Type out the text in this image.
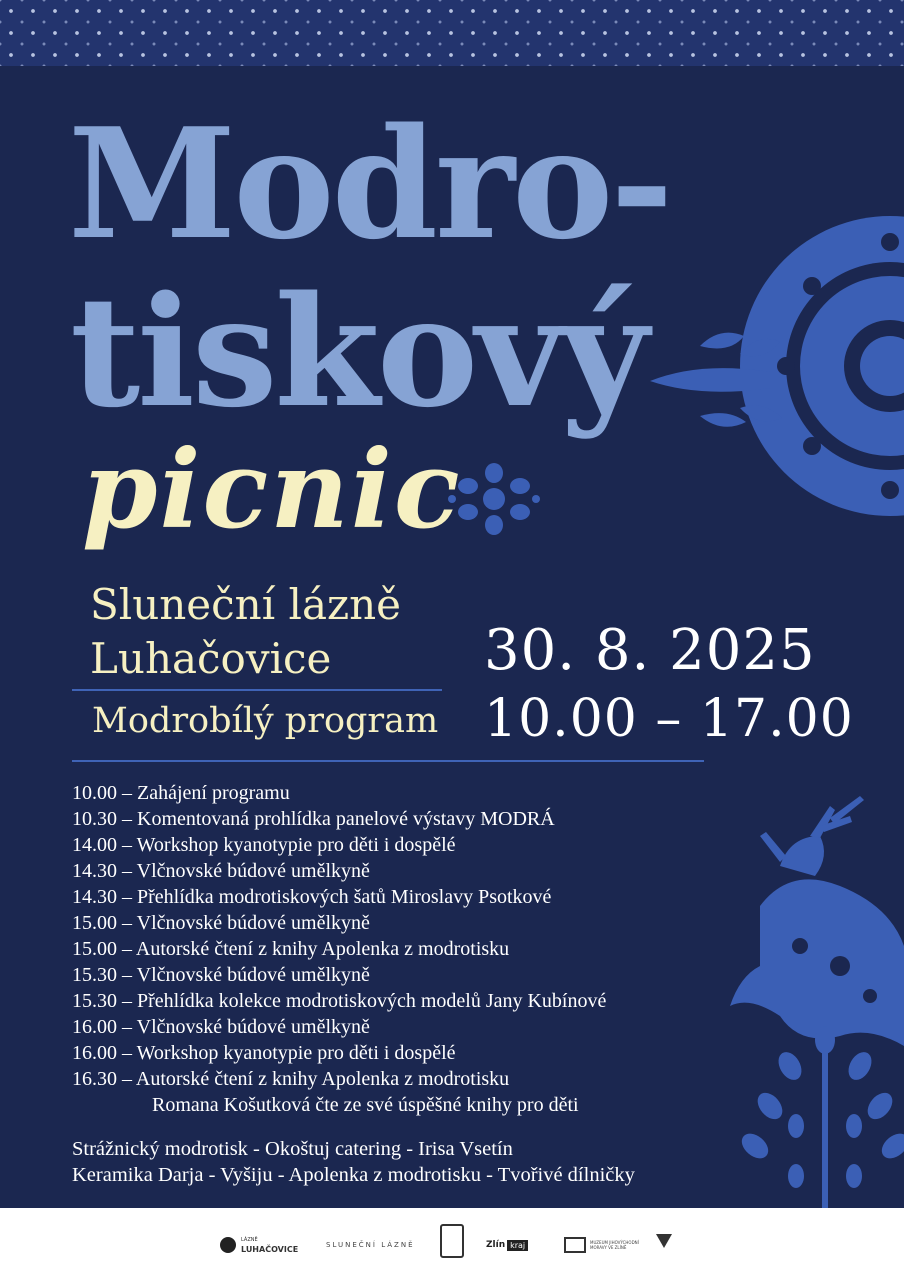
Modro-
tiskový
picnic
Sluneční lázně
Luhačovice
Modrobílý program
30. 8. 2025
10.00 – 17.00
10.00 – Zahájení programu
10.30 – Komentovaná prohlídka panelové výstavy MODRÁ
14.00 – Workshop kyanotypie pro děti i dospělé
14.30 – Vlčnovské búdové umělkyně
14.30 – Přehlídka modrotiskových šatů Miroslavy Psotkové
15.00 – Vlčnovské búdové umělkyně
15.00 – Autorské čtení z knihy Apolenka z modrotisku
15.30 – Vlčnovské búdové umělkyně
15.30 – Přehlídka kolekce modrotiskových modelů Jany Kubínové
16.00 – Vlčnovské búdové umělkyně
16.00 – Workshop kyanotypie pro děti i dospělé
16.30 – Autorské čtení z knihy Apolenka z modrotisku
Romana Košutková čte ze své úspěšné knihy pro děti
Strážnický modrotisk - Okoštuj catering - Irisa Vsetín
Keramika Darja - Vyšiju - Apolenka z modrotisku - Tvořivé dílničky
LÁZNĚ
LUHAČOVICE	SLUNEČNÍ LÁZNĚ	Zlín kraj	MUZEUM JIHOVÝCHODNÍ MORAVY VE ZLÍNĚ
